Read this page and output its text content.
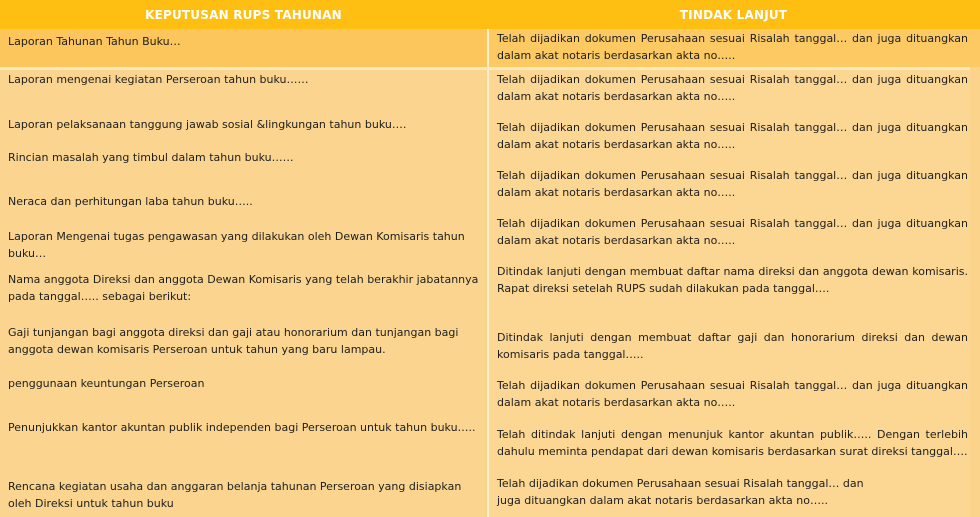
KEPUTUSAN RUPS TAHUNAN	TINDAK LANJUT
Laporan Tahunan Tahun Buku…
Laporan mengenai kegiatan Perseroan tahun buku……
Laporan pelaksanaan tanggung jawab sosial &lingkungan tahun buku….
Rincian masalah yang timbul dalam tahun buku……
Neraca dan perhitungan laba tahun buku…..
Laporan Mengenai tugas pengawasan yang dilakukan oleh Dewan Komisaris tahun buku…
Nama anggota Direksi dan anggota Dewan Komisaris yang telah berakhir jabatannya pada tanggal….. sebagai berikut:
Gaji tunjangan bagi anggota direksi dan gaji atau honorarium dan tunjangan bagi anggota dewan komisaris Perseroan untuk tahun yang baru lampau.
penggunaan keuntungan Perseroan
Penunjukkan kantor akuntan publik independen bagi Perseroan untuk tahun buku…..
Rencana kegiatan usaha dan anggaran belanja tahunan Perseroan yang disiapkan oleh Direksi untuk tahun buku
Telah dijadikan dokumen Perusahaan sesuai Risalah tanggal… dan juga dituangkan dalam akat notaris berdasarkan akta no…..
Telah dijadikan dokumen Perusahaan sesuai Risalah tanggal… dan juga dituangkan dalam akat notaris berdasarkan akta no…..
Telah dijadikan dokumen Perusahaan sesuai Risalah tanggal… dan juga dituangkan dalam akat notaris berdasarkan akta no…..
Telah dijadikan dokumen Perusahaan sesuai Risalah tanggal… dan juga dituangkan dalam akat notaris berdasarkan akta no…..
Telah dijadikan dokumen Perusahaan sesuai Risalah tanggal… dan juga dituangkan dalam akat notaris berdasarkan akta no…..
Ditindak lanjuti dengan membuat daftar nama direksi dan anggota dewan komisaris. Rapat direksi setelah RUPS sudah dilakukan pada tanggal….
Ditindak lanjuti dengan membuat daftar gaji dan honorarium direksi dan dewan komisaris pada tanggal…..
Telah dijadikan dokumen Perusahaan sesuai Risalah tanggal… dan juga dituangkan dalam akat notaris berdasarkan akta no…..
Telah ditindak lanjuti dengan menunjuk kantor akuntan publik….. Dengan terlebih dahulu meminta pendapat dari dewan komisaris berdasarkan surat direksi tanggal….
Telah dijadikan dokumen Perusahaan sesuai Risalah tanggal… dan
juga dituangkan dalam akat notaris berdasarkan akta no…..
